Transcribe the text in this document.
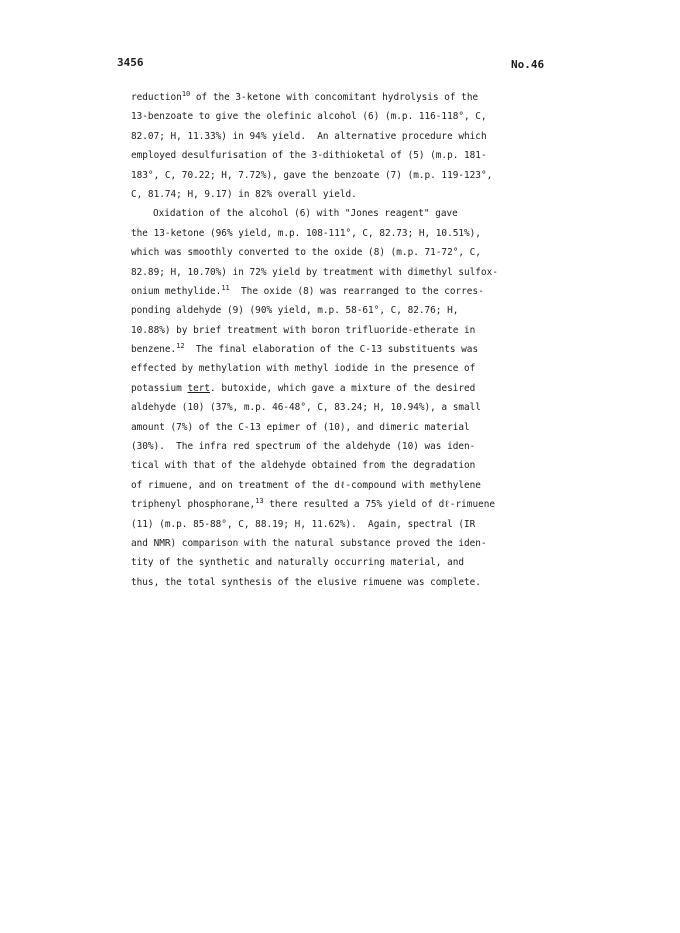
3456	No.46
reduction$^{10}$ of the 3-ketone with concomitant hydrolysis of the
13-benzoate to give the olefinic alcohol (6) (m.p. 116-118°, C,
82.07; H, 11.33%) in 94% yield.  An alternative procedure which
employed desulfurisation of the 3-dithioketal of (5) (m.p. 181-
183°, C, 70.22; H, 7.72%), gave the benzoate (7) (m.p. 119-123°,
C, 81.74; H, 9.17) in 82% overall yield.
Oxidation of the alcohol (6) with "Jones reagent" gave
the 13-ketone (96% yield, m.p. 108-111°, C, 82.73; H, 10.51%),
which was smoothly converted to the oxide (8) (m.p. 71-72°, C,
82.89; H, 10.70%) in 72% yield by treatment with dimethyl sulfox-
onium methylide.$^{11}$  The oxide (8) was rearranged to the corres-
ponding aldehyde (9) (90% yield, m.p. 58-61°, C, 82.76; H,
10.88%) by brief treatment with boron trifluoride-etherate in
benzene.$^{12}$  The final elaboration of the C-13 substituents was
effected by methylation with methyl iodide in the presence of
potassium tert. butoxide, which gave a mixture of the desired
aldehyde (10) (37%, m.p. 46-48°, C, 83.24; H, 10.94%), a small
amount (7%) of the C-13 epimer of (10), and dimeric material
(30%).  The infra red spectrum of the aldehyde (10) was iden-
tical with that of the aldehyde obtained from the degradation
of rimuene, and on treatment of the dℓ-compound with methylene
triphenyl phosphorane,$^{13}$ there resulted a 75% yield of dℓ-rimuene
(11) (m.p. 85-88°, C, 88.19; H, 11.62%).  Again, spectral (IR
and NMR) comparison with the natural substance proved the iden-
tity of the synthetic and naturally occurring material, and
thus, the total synthesis of the elusive rimuene was complete.
